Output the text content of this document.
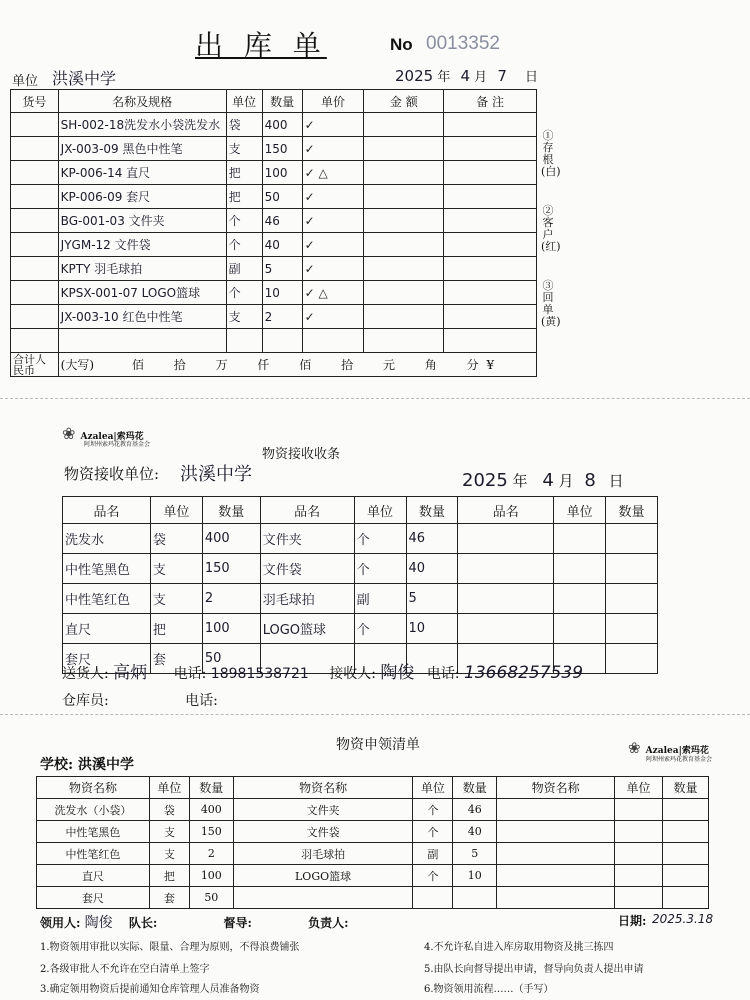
出 库 单	No 0013352
单位 洪溪中学	2025 年 4 月 7 日
货号	名称及规格	单位	数量	单价	金 额	备 注
	SH-002-18洗发水小袋洗发水	袋	400	✓		
	JX-003-09 黑色中性笔	支	150	✓		
	KP-006-14 直尺	把	100	✓ △		
	KP-006-09 套尺	把	50	✓		
	BG-001-03 文件夹	个	46	✓		
	JYGM-12 文件袋	个	40	✓		
	KPTY 羽毛球拍	副	5	✓		
	KPSX-001-07 LOGO篮球	个	10	✓ △		
	JX-003-10 红色中性笔	支	2	✓		

合计人民币	(大写) 佰 拾 万 仟 佰 拾 元 角 分 ¥					
①存根(白)
②客户(红)
③回单(黄)
❀ Azalea|索玛花
阿坝州索玛花教育基金会
物资接收收条
物资接收单位: 洪溪中学	2025 年 4 月 8 日
品名	单位	数量	品名	单位	数量	品名	单位	数量
洗发水	袋	400	文件夹	个	46			
中性笔黑色	支	150	文件袋	个	40			
中性笔红色	支	2	羽毛球拍	副	5			
直尺	把	100	LOGO篮球	个	10			
套尺	套	50						
送货人: 高炳 电话: 18981538721 接收人: 陶俊 电话: 13668257539
仓库员:	电话:
物资申领清单	❀ Azalea|索玛花
阿坝州索玛花教育基金会
学校: 洪溪中学
物资名称	单位	数量	物资名称	单位	数量	物资名称	单位	数量
洗发水（小袋）	袋	400	文件夹	个	46			
中性笔黑色	支	150	文件袋	个	40			
中性笔红色	支	2	羽毛球拍	副	5			
直尺	把	100	LOGO篮球	个	10			
套尺	套	50						
领用人: 陶俊 队长:	督导:	负责人:	日期: 2025.3.18
1.物资领用审批以实际、限量、合理为原则，不得浪费铺张
2.各级审批人不允许在空白清单上签字
3.确定领用物资后提前通知仓库管理人员准备物资
4.不允许私自进入库房取用物资及挑三拣四
5.由队长向督导提出申请，督导向负责人提出申请
6.物资领用流程……（手写）
